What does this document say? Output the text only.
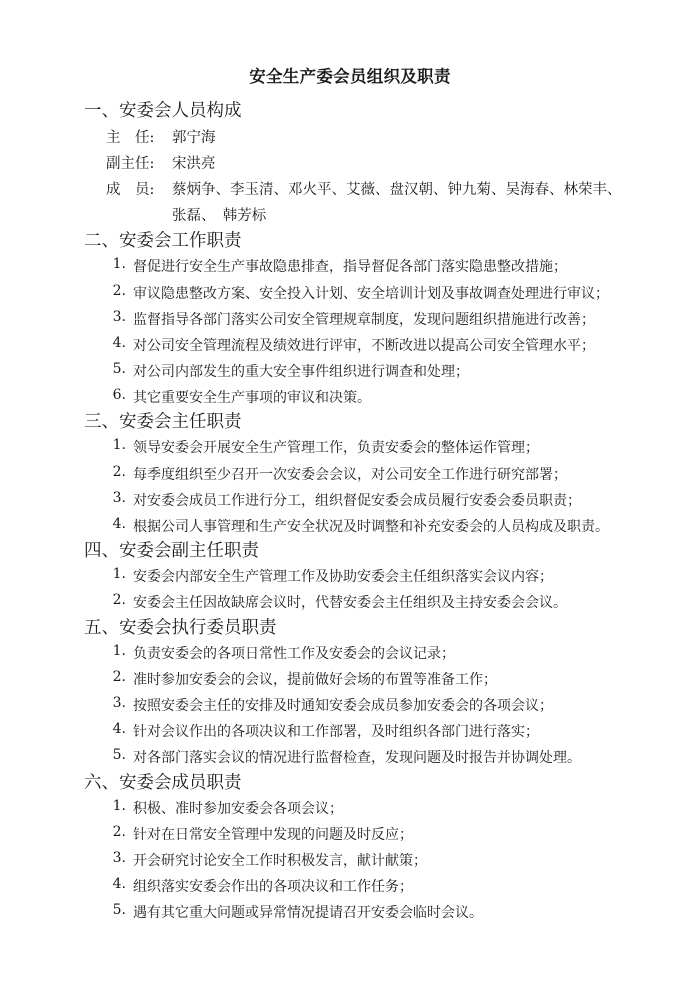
安全生产委会员组织及职责
一、安委会人员构成
主　任: 郭宁海
副主任: 宋洪亮
成　员: 蔡炳争、李玉清、邓火平、艾薇、盘汉朝、钟九菊、吴海春、林荣丰、
张磊、　韩芳标
二、安委会工作职责
1. 督促进行安全生产事故隐患排查，指导督促各部门落实隐患整改措施；
2. 审议隐患整改方案、安全投入计划、安全培训计划及事故调查处理进行审议；
3. 监督指导各部门落实公司安全管理规章制度，发现问题组织措施进行改善；
4. 对公司安全管理流程及绩效进行评审，不断改进以提高公司安全管理水平；
5. 对公司内部发生的重大安全事件组织进行调查和处理；
6. 其它重要安全生产事项的审议和决策。
三、安委会主任职责
1. 领导安委会开展安全生产管理工作，负责安委会的整体运作管理；
2. 每季度组织至少召开一次安委会会议，对公司安全工作进行研究部署；
3. 对安委会成员工作进行分工，组织督促安委会成员履行安委会委员职责；
4. 根据公司人事管理和生产安全状况及时调整和补充安委会的人员构成及职责。
四、安委会副主任职责
1. 安委会内部安全生产管理工作及协助安委会主任组织落实会议内容；
2. 安委会主任因故缺席会议时，代替安委会主任组织及主持安委会会议。
五、安委会执行委员职责
1. 负责安委会的各项日常性工作及安委会的会议记录；
2. 准时参加安委会的会议，提前做好会场的布置等准备工作；
3. 按照安委会主任的安排及时通知安委会成员参加安委会的各项会议；
4. 针对会议作出的各项决议和工作部署，及时组织各部门进行落实；
5. 对各部门落实会议的情况进行监督检查，发现问题及时报告并协调处理。
六、安委会成员职责
1. 积极、准时参加安委会各项会议；
2. 针对在日常安全管理中发现的问题及时反应；
3. 开会研究讨论安全工作时积极发言，献计献策；
4. 组织落实安委会作出的各项决议和工作任务；
5. 遇有其它重大问题或异常情况提请召开安委会临时会议。
